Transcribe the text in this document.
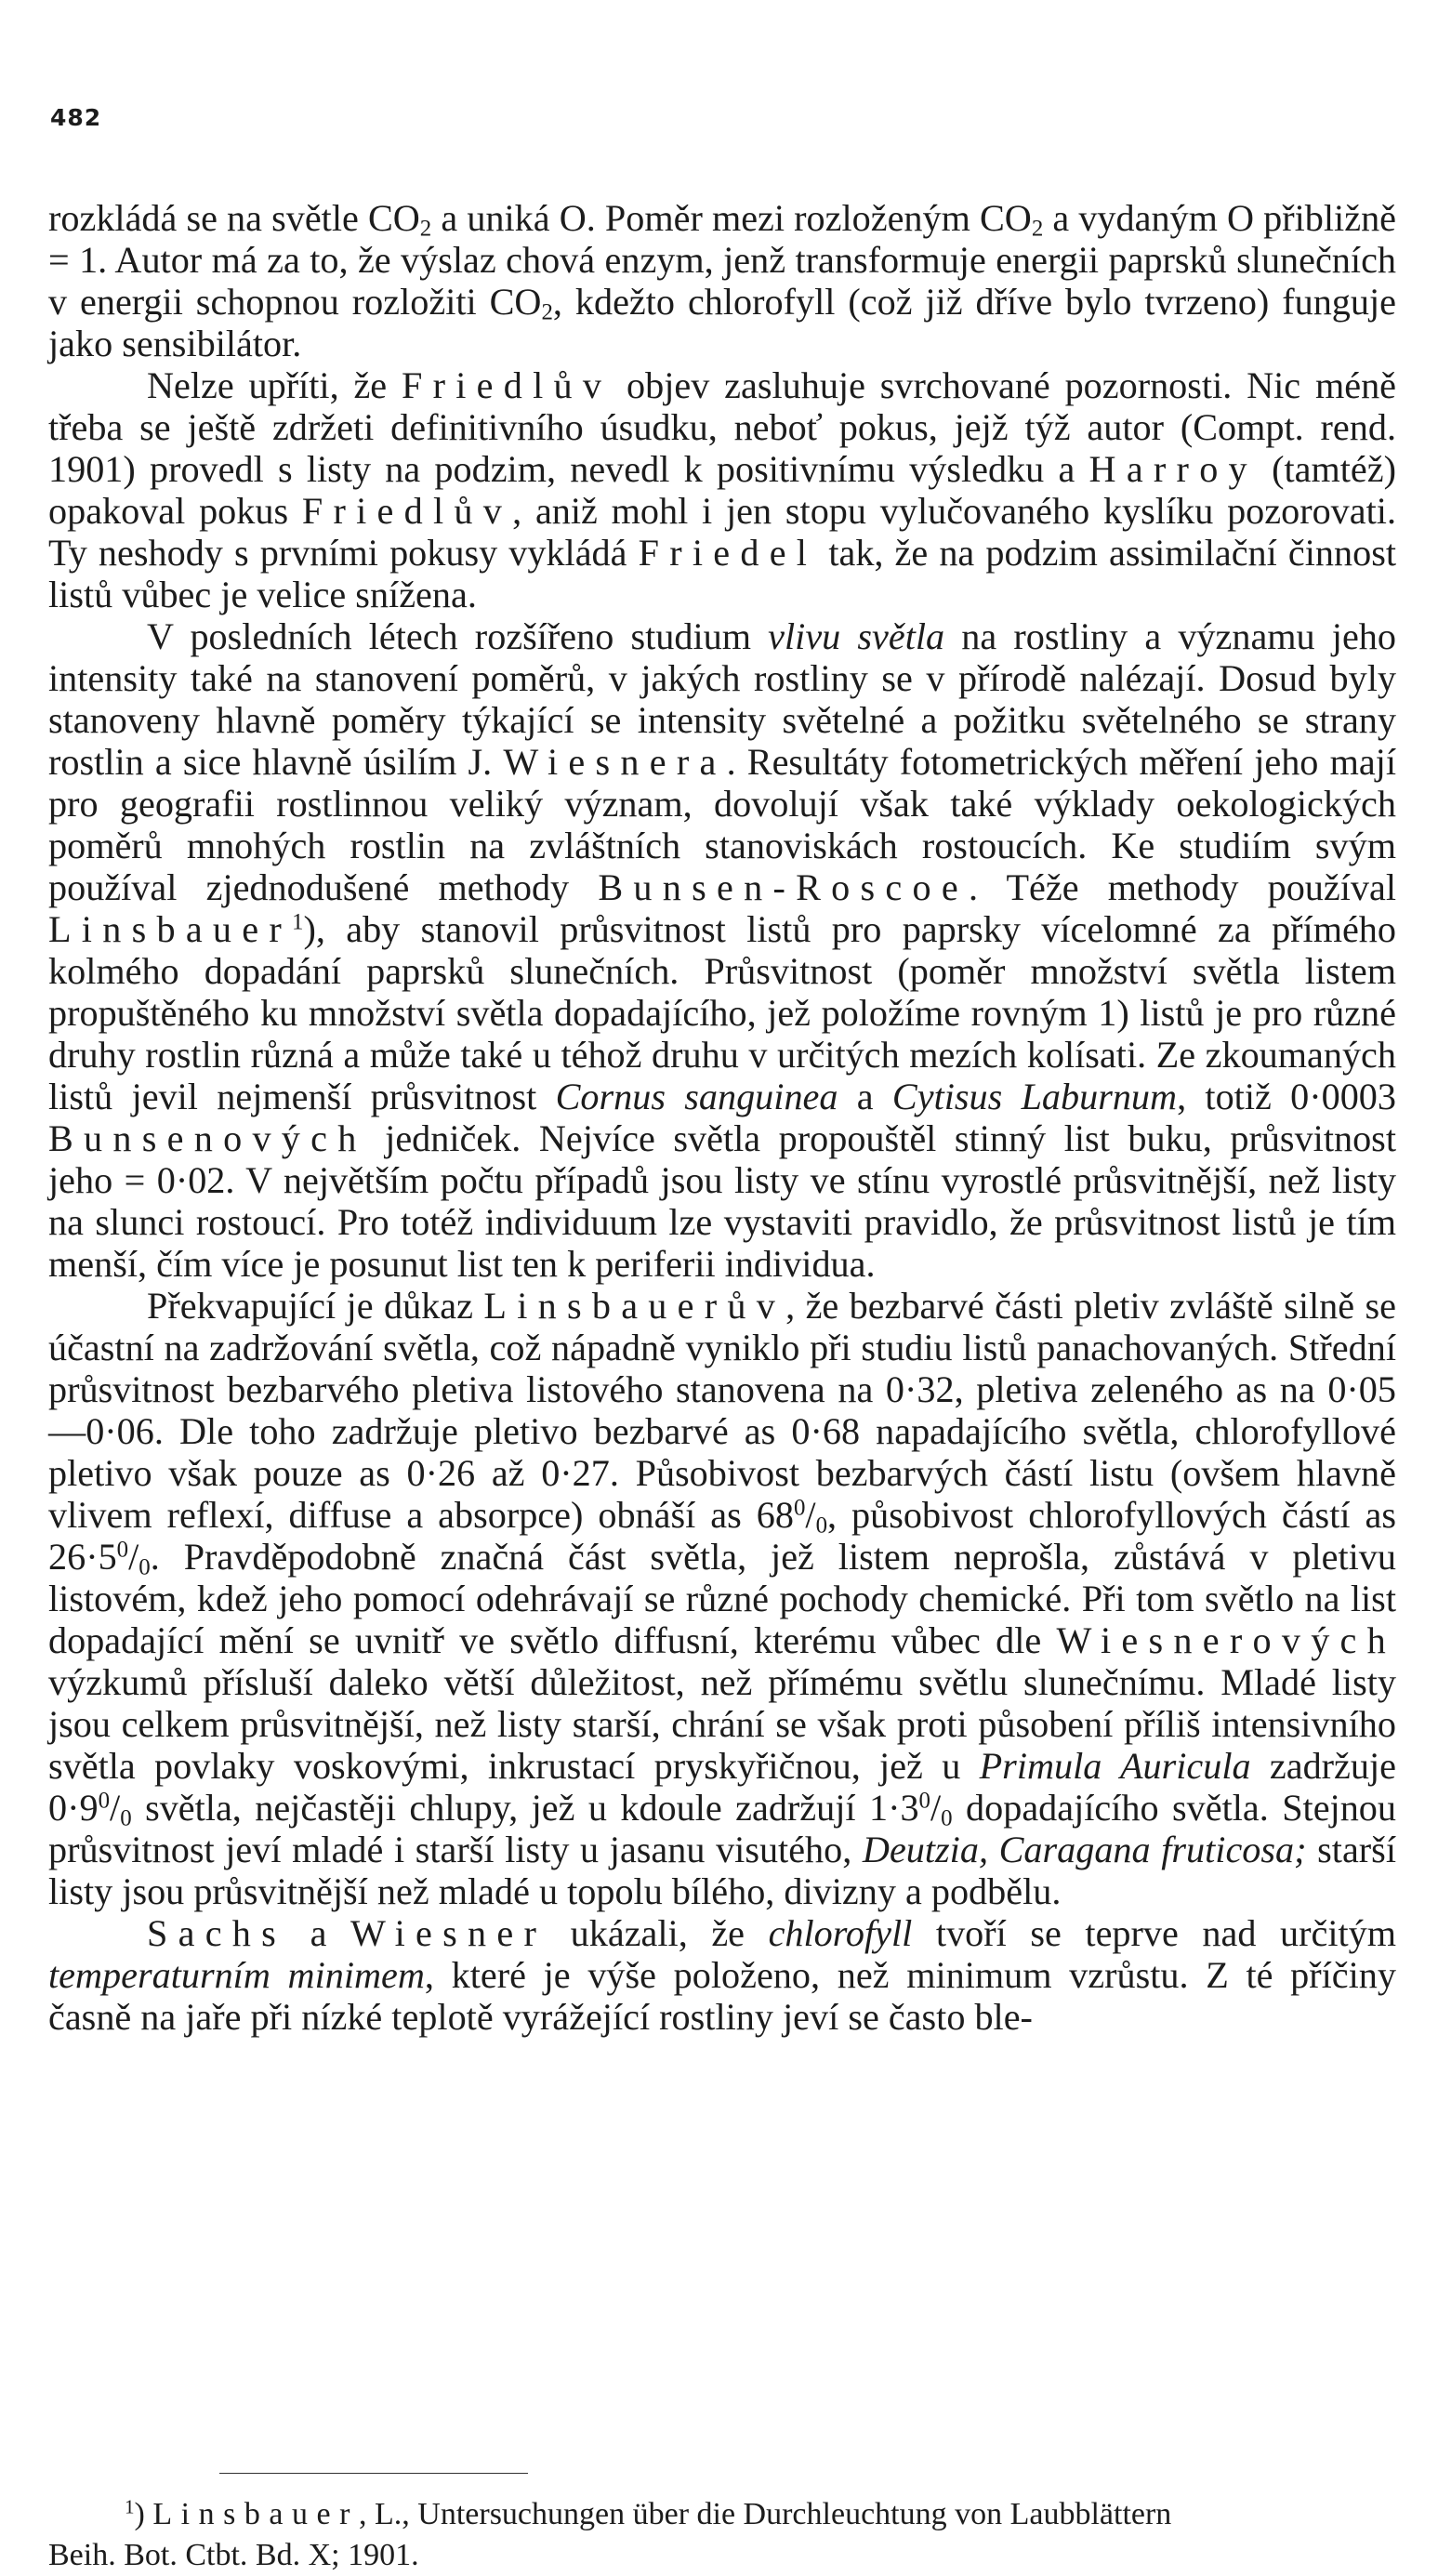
482

rozkládá se na světle $CO_2$ a uniká O. Poměr mezi rozloženým $CO_2$ a vydaným O přibližně = 1. Autor má za to, že výslaz chová enzym, jenž transformuje energii paprsků slunečních v energii schopnou rozložiti $CO_2$, kdežto chlorofyll (což již dříve bylo tvrzeno) funguje jako sensibilátor.

Nelze upříti, že Friedlův objev zasluhuje svrchované pozornosti. Nic méně třeba se ještě zdržeti definitivního úsudku, neboť pokus, jejž týž autor (Compt. rend. 1901) provedl s listy na podzim, nevedl k positivnímu výsledku a Harroy (tamtéž) opakoval pokus Friedlův, aniž mohl i jen stopu vylučovaného kyslíku pozorovati. Ty neshody s prvními pokusy vykládá Friedel tak, že na podzim assimilační činnost listů vůbec je velice snížena.

V posledních létech rozšířeno studium vlivu světla na rostliny a významu jeho intensity také na stanovení poměrů, v jakých rostliny se v přírodě nalézají. Dosud byly stanoveny hlavně poměry týkající se intensity světelné a požitku světelného se strany rostlin a sice hlavně úsilím J. Wiesnera. Resultáty fotometrických měření jeho mají pro geografii rostlinnou veliký význam, dovolují však také výklady oekologických poměrů mnohých rostlin na zvláštních stanoviskách rostoucích. Ke studiím svým používal zjednodušené methody Bunsen-Roscoe. Téže methody používal Linsbauer$^1$), aby stanovil průsvitnost listů pro paprsky vícelomné za přímého kolmého dopadání paprsků slunečních. Průsvitnost (poměr množství světla listem propuštěného ku množství světla dopadajícího, jež položíme rovným 1) listů je pro různé druhy rostlin různá a může také u téhož druhu v určitých mezích kolísati. Ze zkoumaných listů jevil nejmenší průsvitnost Cornus sanguinea a Cytisus Laburnum, totiž 0·0003 Bunsenových jedniček. Nejvíce světla propouštěl stinný list buku, průsvitnost jeho = 0·02. V největším počtu případů jsou listy ve stínu vyrostlé průsvitnější, než listy na slunci rostoucí. Pro totéž individuum lze vystaviti pravidlo, že průsvitnost listů je tím menší, čím více je posunut list ten k periferii individua.

Překvapující je důkaz Linsbauerův, že bezbarvé části pletiv zvláště silně se účastní na zadržování světla, což nápadně vyniklo při studiu listů panachovaných. Střední průsvitnost bezbarvého pletiva listového stanovena na 0·32, pletiva zeleného as na 0·05—0·06. Dle toho zadržuje pletivo bezbarvé as 0·68 napadajícího světla, chlorofyllové pletivo však pouze as 0·26 až 0·27. Působivost bezbarvých částí listu (ovšem hlavně vlivem reflexí, diffuse a absorpce) obnáší as $68^0/_0$, působivost chlorofyllových částí as $26\cdot 5^0/_0$. Pravděpodobně značná část světla, jež listem neprošla, zůstává v pletivu listovém, kdež jeho pomocí odehrávají se různé pochody chemické. Při tom světlo na list dopadající mění se uvnitř ve světlo diffusní, kterému vůbec dle Wiesnerových výzkumů přísluší daleko větší důležitost, než přímému světlu slunečnímu. Mladé listy jsou celkem průsvitnější, než listy starší, chrání se však proti působení příliš intensivního světla povlaky voskovými, inkrustací pryskyřičnou, jež u Primula Auricula zadržuje $0\cdot 9^0/_0$ světla, nejčastěji chlupy, jež u kdoule zadržují $1\cdot 3^0/_0$ dopadajícího světla. Stejnou průsvitnost jeví mladé i starší listy u jasanu visutého, Deutzia, Caragana fruticosa; starší listy jsou průsvitnější než mladé u topolu bílého, divizny a podbělu.

Sachs a Wiesner ukázali, že chlorofyll tvoří se teprve nad určitým temperaturním minimem, které je výše položeno, než minimum vzrůstu. Z té příčiny časně na jaře při nízké teplotě vyrážející rostliny jeví se často ble-

$^1$) Linsbauer, L., Untersuchungen über die Durchleuchtung von Laubblättern

Beih. Bot. Ctbt. Bd. X; 1901.
